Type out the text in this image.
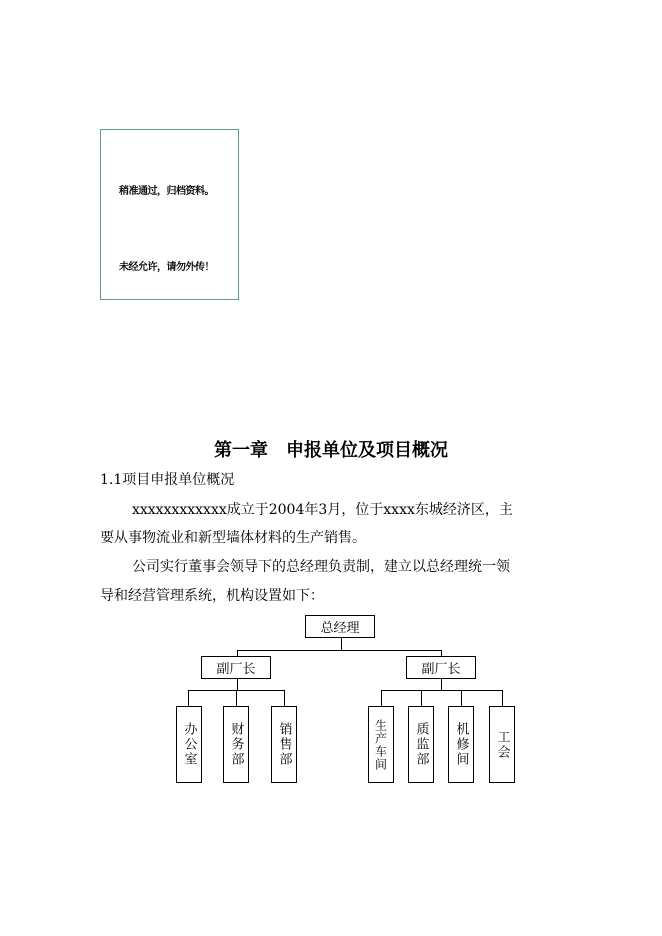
稍准通过，归档资料。
未经允许，请勿外传！
第一章　申报单位及项目概况
1.1项目申报单位概况
xxxxxxxxxxxx成立于2004年3月，位于xxxx东城经济区，主
要从事物流业和新型墙体材料的生产销售。
公司实行董事会领导下的总经理负责制，建立以总经理统一领
导和经营管理系统，机构设置如下：
总经理
副厂长	副厂长
办公室	财务部	销售部	生产车间	质监部	机修间	工会
